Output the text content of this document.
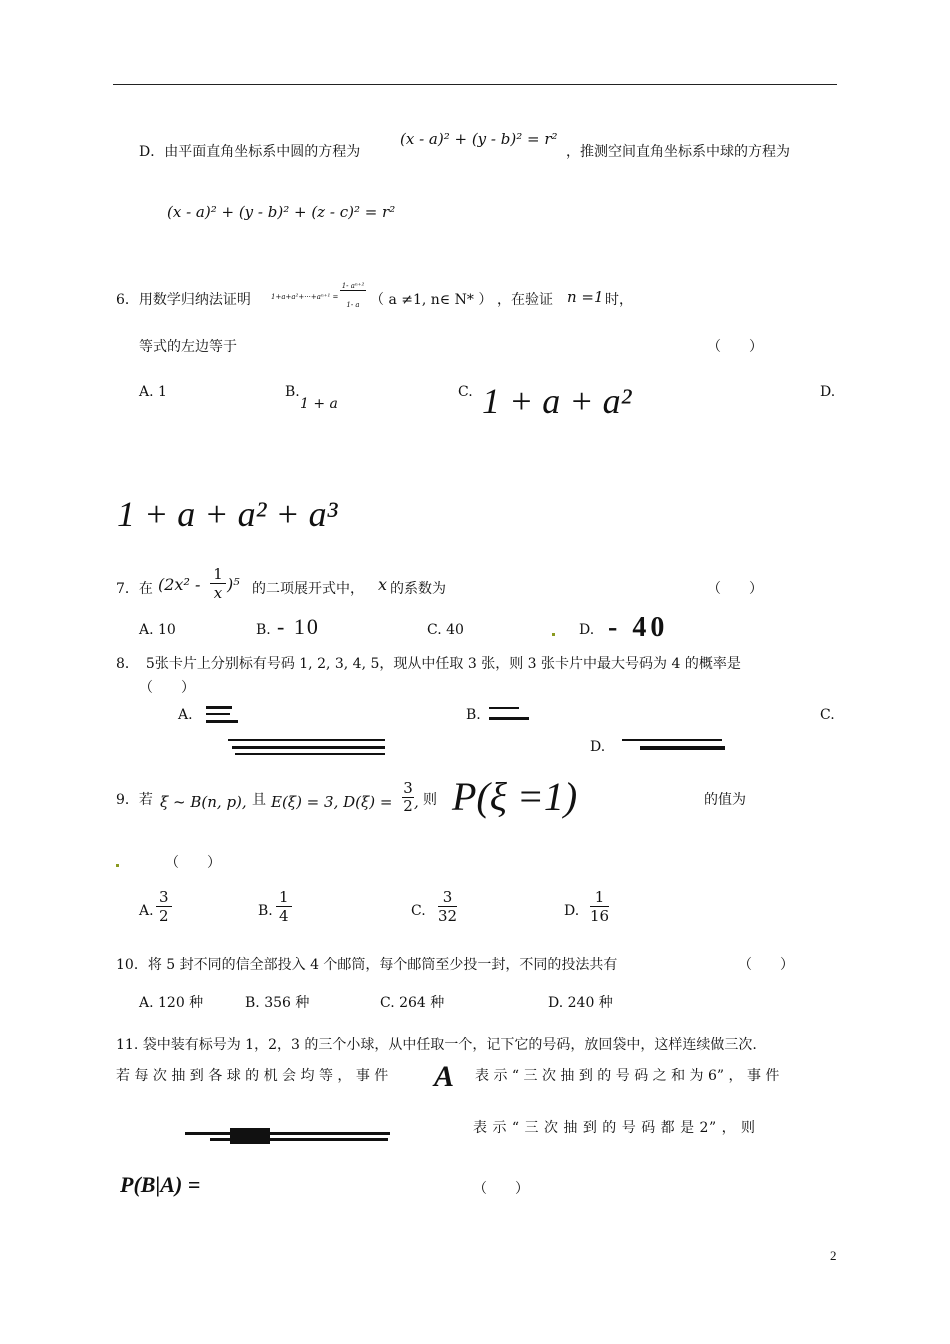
D．由平面直角坐标系中圆的方程为
(x - a)² + (y - b)² = r²
，推测空间直角坐标系中球的方程为
(x - a)² + (y - b)² + (z - c)² = r²
6．用数学归纳法证明	$1+a+a^2+\cdot\cdot\cdot+a^{n+1} = \frac{\text{1- aⁿ⁺²}}{1- a}$ （ a ≠1, n∈ N* ） ，在验证 n =1 时，
等式的左边等于	（　　）
A. 1	B.
1 + a
C. 1 + a + a²	D.
1 + a + a² + a³
7．在 $(2x^2 - \frac{1}{x} )^5$ 的二项展开式中， x 的系数为	（　　）
A. 10	B. - 10	C. 40	D. - 40
8．　5张卡片上分别标有号码 1, 2, 3, 4, 5，现从中任取 3 张，则 3 张卡片中最大号码为 4 的概率是
（　　）
A.	B.	C.
D.
9．若 ξ ~ B(n, p), 且 E(ξ) = 3, $D(\xi) = \frac{3}{2}$ , 则 P(ξ =1)	的值为
（　　）
A. $\frac{3}{2}$	B. $\frac{1}{4}$	C. $\frac{3}{32}$	D. $\frac{1}{16}$
10．将 5 封不同的信全部投入 4 个邮筒，每个邮筒至少投一封，不同的投法共有	（　　）
A. 120 种	B. 356 种	C. 264 种	D. 240 种
11. 袋中装有标号为 1，2，3 的三个小球，从中任取一个，记下它的号码，放回袋中，这样连续做三次.
若 每 次 抽 到 各 球 的 机 会 均 等 ， 事 件 A 表 示 “ 三 次 抽 到 的 号 码 之 和 为 6” ， 事 件
表 示 “ 三 次 抽 到 的 号 码 都 是 2” ， 则
P(B|A) =	（　　）
2
